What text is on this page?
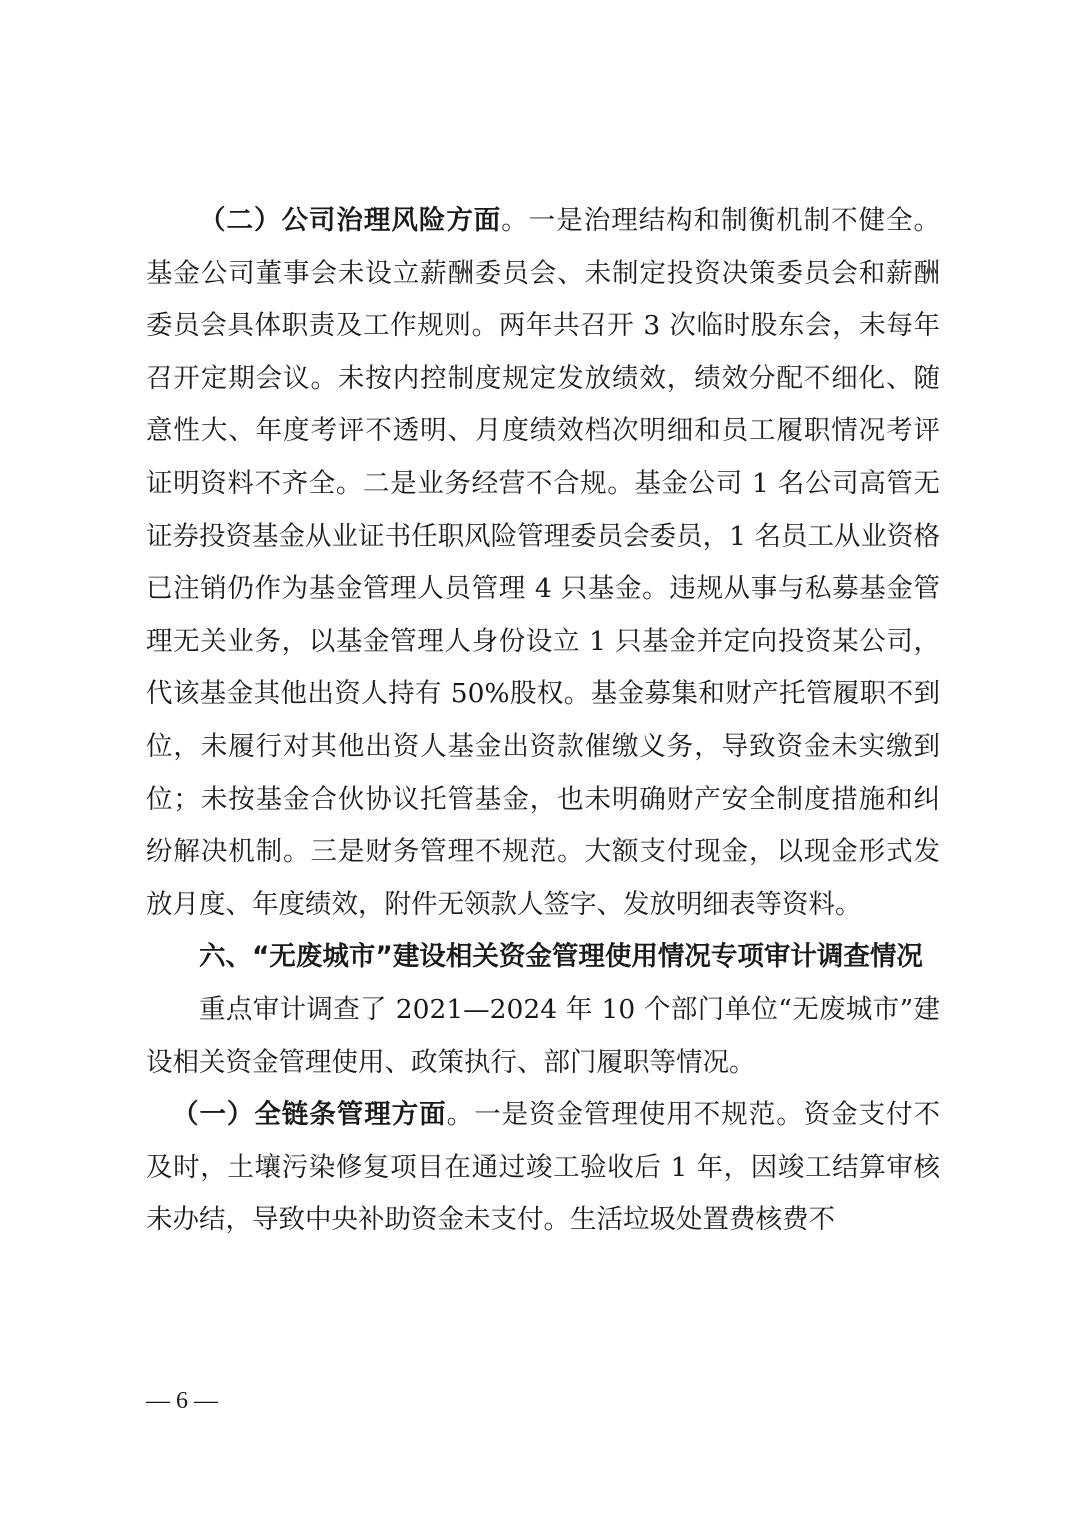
（二）公司治理风险方面。一是治理结构和制衡机制不健全。基金公司董事会未设立薪酬委员会、未制定投资决策委员会和薪酬委员会具体职责及工作规则。两年共召开 3 次临时股东会，未每年召开定期会议。未按内控制度规定发放绩效，绩效分配不细化、随意性大、年度考评不透明、月度绩效档次明细和员工履职情况考评证明资料不齐全。二是业务经营不合规。基金公司 1 名公司高管无证券投资基金从业证书任职风险管理委员会委员，1 名员工从业资格已注销仍作为基金管理人员管理 4 只基金。违规从事与私募基金管理无关业务，以基金管理人身份设立 1 只基金并定向投资某公司，代该基金其他出资人持有 50%股权。基金募集和财产托管履职不到位，未履行对其他出资人基金出资款催缴义务，导致资金未实缴到位；未按基金合伙协议托管基金，也未明确财产安全制度措施和纠纷解决机制。三是财务管理不规范。大额支付现金，以现金形式发放月度、年度绩效，附件无领款人签字、发放明细表等资料。

六、“无废城市”建设相关资金管理使用情况专项审计调查情况

重点审计调查了 2021—2024 年 10 个部门单位“无废城市”建设相关资金管理使用、政策执行、部门履职等情况。

（一）全链条管理方面。一是资金管理使用不规范。资金支付不及时，土壤污染修复项目在通过竣工验收后 1 年，因竣工结算审核未办结，导致中央补助资金未支付。生活垃圾处置费核费不

— 6 —
